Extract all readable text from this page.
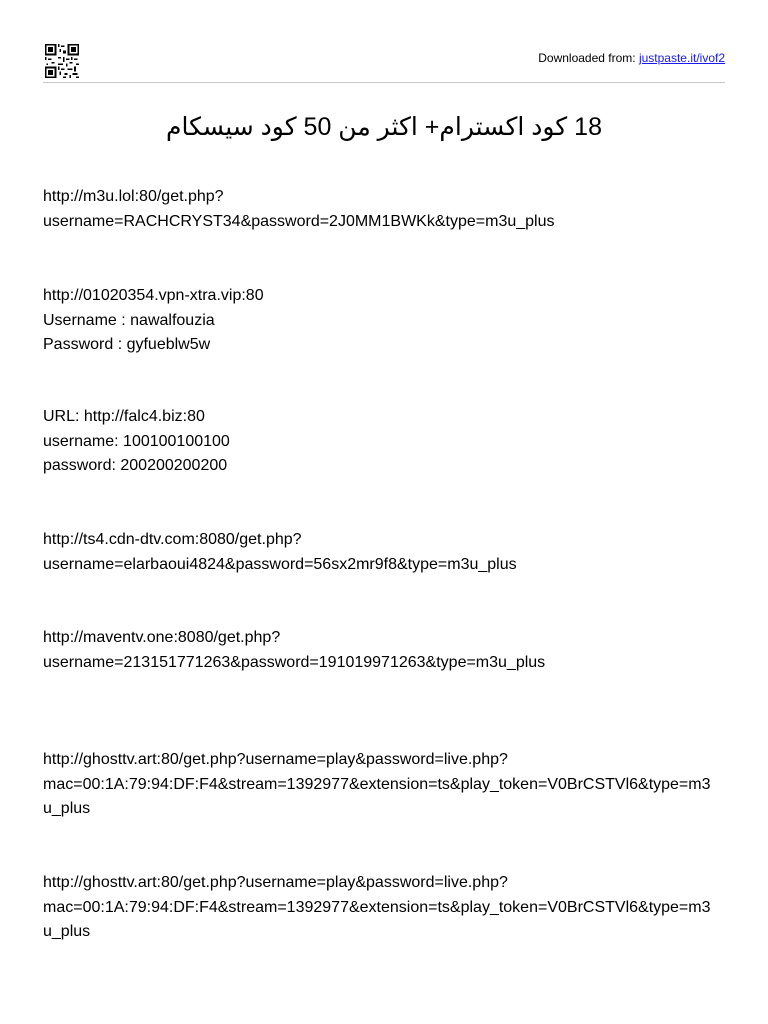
Downloaded from: justpaste.it/ivof2
18 كود اكسترام+ اكثر من 50 كود سيسكام
http://m3u.lol:80/get.php?
username=RACHCRYST34&password=2J0MM1BWKk&type=m3u_plus
http://01020354.vpn-xtra.vip:80
Username : nawalfouzia
Password : gyfueblw5w
URL: http://falc4.biz:80
username: 100100100100
password: 200200200200
http://ts4.cdn-dtv.com:8080/get.php?
username=elarbaoui4824&password=56sx2mr9f8&type=m3u_plus
http://maventv.one:8080/get.php?
username=213151771263&password=191019971263&type=m3u_plus
http://ghosttv.art:80/get.php?username=play&password=live.php?
mac=00:1A:79:94:DF:F4&stream=1392977&extension=ts&play_token=V0BrCSTVl6&type=m3
u_plus
http://ghosttv.art:80/get.php?username=play&password=live.php?
mac=00:1A:79:94:DF:F4&stream=1392977&extension=ts&play_token=V0BrCSTVl6&type=m3
u_plus
